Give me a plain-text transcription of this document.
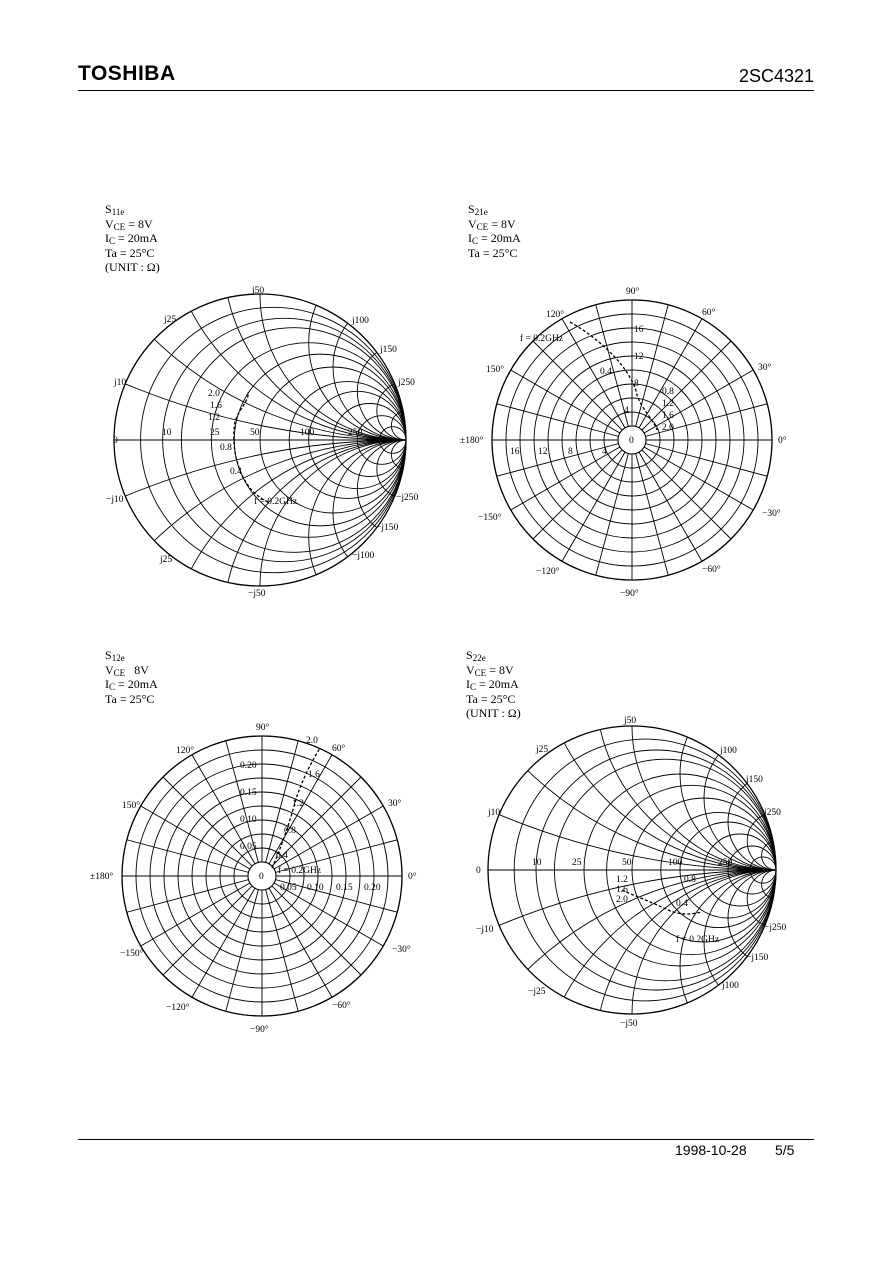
TOSHIBA	2SC4321
$S_{11e}$
$V_{CE} = 8V$
$I_C = 20mA$
Ta = 25°C
(UNIT : Ω)
$S_{21e}$
$V_{CE} = 8V$
$I_C = 20mA$
Ta = 25°C
$S_{12e}$
$V_{CE}$   8V
$I_C = 20mA$
Ta = 25°C
$S_{22e}$
$V_{CE} = 8V$
$I_C = 20mA$
Ta = 25°C
(UNIT : Ω)
j50
j25	j100
j150
j250
j10
0
10	25	50	100	250
−j10
j25	−j100
−j150
−j250
−j50
2.0
1.6
1.2
0.8
0.4
f = 0.2GHz
90°
60°
30°
0°
−30°
−60°
−90°
−120°
−150°
±180°
150°
120°
16
12
8
4
0
16 12 8	4
f = 0.2GHz
0.4
0.8
1.2
1.6
2.0
90°
60°
30°
0°
−30°
−60°
−90°
−120°
−150°
±180°
150°
120°
0.20
0.15
0.10
0.05
0
0.05 0.10 0.15 0.20
2.0
1.6
1.2
0.8
0.4
f = 0.2GHz
j50
j25	j100
j150
j250
j10
0
10	25	50	100	250
−j10
−j25
j100
−j150
−j250
−j50
1.2
1.6
2.0
0.8
0.4
f = 0.2GHz
1998-10-28 5/5
